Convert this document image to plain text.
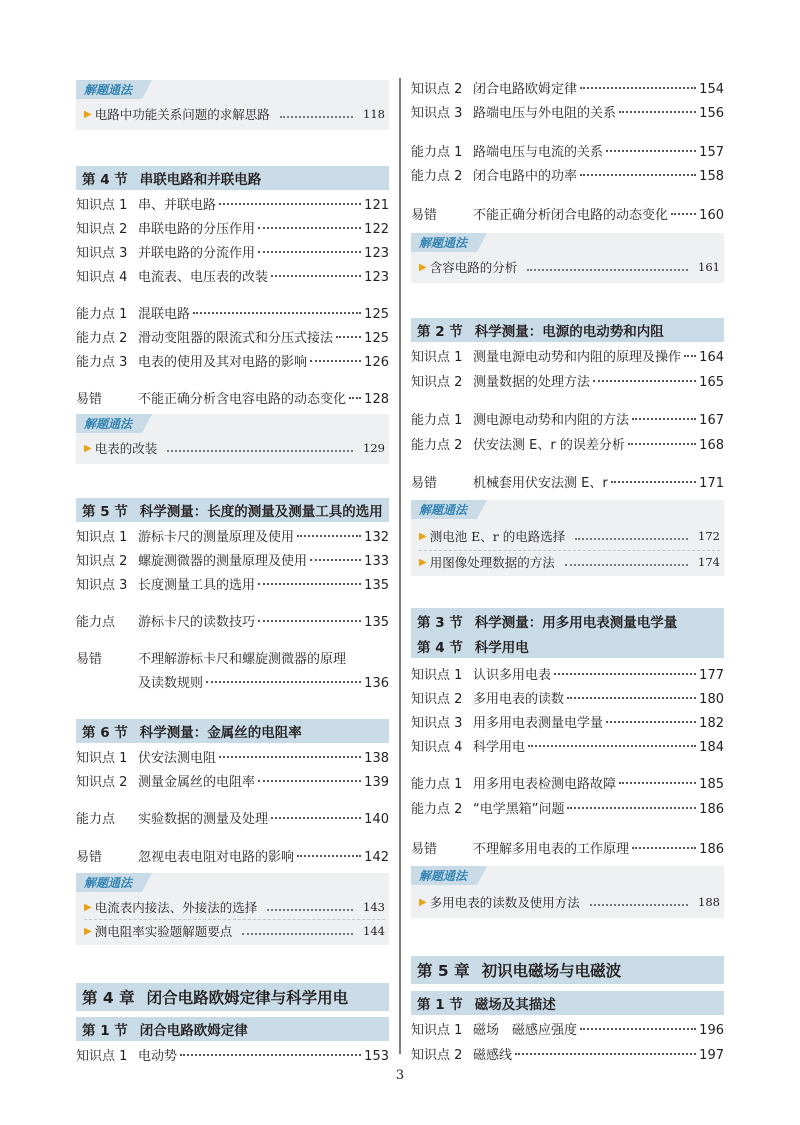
解题通法
▶ 电路中功能关系问题的求解思路	118
第 4 节 串联电路和并联电路
知识点 1 串、并联电路	121
知识点 2 串联电路的分压作用	122
知识点 3 并联电路的分流作用	123
知识点 4 电流表、电压表的改装	123
能力点 1 混联电路	125
能力点 2 滑动变阻器的限流式和分压式接法 125
能力点 3 电表的使用及其对电路的影响	126
易错	不能正确分析含电容电路的动态变化 128
解题通法
▶ 电表的改装	129
第 5 节 科学测量：长度的测量及测量工具的选用
知识点 1 游标卡尺的测量原理及使用	132
知识点 2 螺旋测微器的测量原理及使用	133
知识点 3 长度测量工具的选用	135
能力点	游标卡尺的读数技巧	135
易错	不理解游标卡尺和螺旋测微器的原理
及读数规则	136
第 6 节 科学测量：金属丝的电阻率
知识点 1 伏安法测电阻	138
知识点 2 测量金属丝的电阻率	139
能力点	实验数据的测量及处理	140
易错	忽视电表电阻对电路的影响	142
解题通法
▶ 电流表内接法、外接法的选择	143
▶ 测电阻率实验题解题要点	144
第 4 章 闭合电路欧姆定律与科学用电
第 1 节 闭合电路欧姆定律
知识点 1 电动势	153
知识点 2 闭合电路欧姆定律	154
知识点 3 路端电压与外电阻的关系	156
能力点 1 路端电压与电流的关系	157
能力点 2 闭合电路中的功率	158
易错	不能正确分析闭合电路的动态变化 160
解题通法
▶ 含容电路的分析	161
第 2 节 科学测量：电源的电动势和内阻
知识点 1 测量电源电动势和内阻的原理及操作 164
知识点 2 测量数据的处理方法	165
能力点 1 测电源电动势和内阻的方法	167
能力点 2 伏安法测 E、r 的误差分析	168
易错	机械套用伏安法测 E、r	171
解题通法
▶ 测电池 E、r 的电路选择	172
▶ 用图像处理数据的方法	174
第 3 节 科学测量：用多用电表测量电学量
第 4 节 科学用电
知识点 1 认识多用电表	177
知识点 2 多用电表的读数	180
知识点 3 用多用电表测量电学量	182
知识点 4 科学用电	184
能力点 1 用多用电表检测电路故障	185
能力点 2 “电学黑箱”问题	186
易错	不理解多用电表的工作原理	186
解题通法
▶ 多用电表的读数及使用方法	188
第 5 章 初识电磁场与电磁波
第 1 节 磁场及其描述
知识点 1 磁场　磁感应强度	196
知识点 2 磁感线	197
3
